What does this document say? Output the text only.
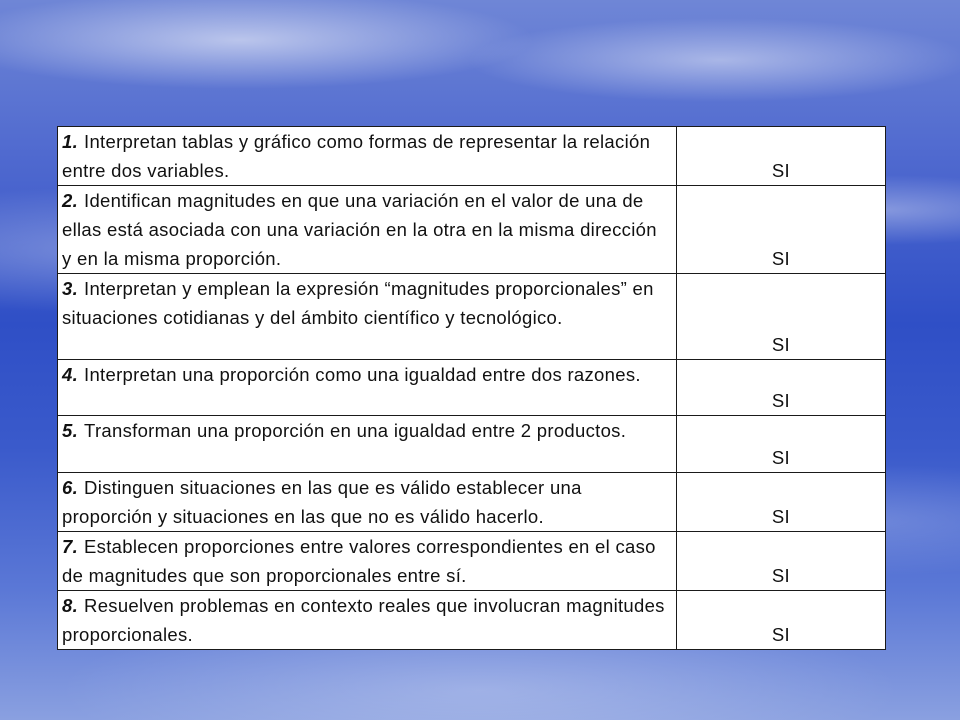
1. Interpretan tablas y gráfico como formas de representar la relación entre dos variables.	SI
2. Identifican magnitudes en que una variación en el valor de una de ellas está asociada con una variación en la otra en la misma dirección y en la misma proporción.	SI
3. Interpretan y emplean la expresión “magnitudes proporcionales” en situaciones cotidianas y del ámbito científico y tecnológico.	SI
4. Interpretan una proporción como una igualdad entre dos razones.	SI
5. Transforman una proporción en una igualdad entre 2 productos.	SI
6. Distinguen situaciones en las que es válido establecer una proporción y situaciones en las que no es válido hacerlo.	SI
7. Establecen proporciones entre valores correspondientes en el caso de magnitudes que son proporcionales entre sí.	SI
8. Resuelven problemas en contexto reales que involucran magnitudes proporcionales.	SI
